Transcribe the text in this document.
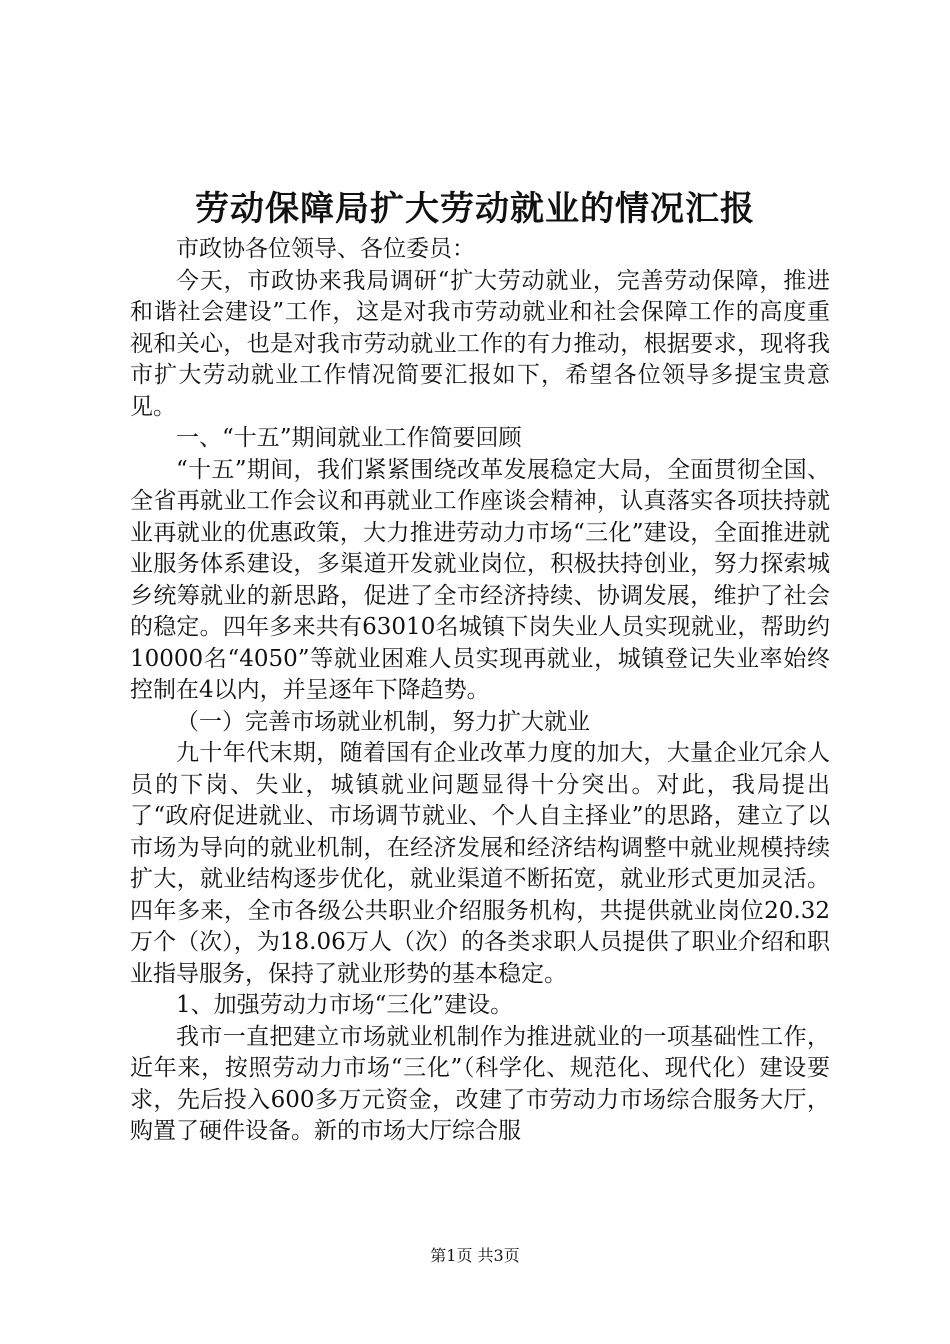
劳动保障局扩大劳动就业的情况汇报

市政协各位领导、各位委员：

今天，市政协来我局调研“扩大劳动就业，完善劳动保障，推进和谐社会建设”工作，这是对我市劳动就业和社会保障工作的高度重视和关心，也是对我市劳动就业工作的有力推动，根据要求，现将我市扩大劳动就业工作情况简要汇报如下，希望各位领导多提宝贵意见。

一、“十五”期间就业工作简要回顾

“十五”期间，我们紧紧围绕改革发展稳定大局，全面贯彻全国、全省再就业工作会议和再就业工作座谈会精神，认真落实各项扶持就业再就业的优惠政策，大力推进劳动力市场“三化”建设，全面推进就业服务体系建设，多渠道开发就业岗位，积极扶持创业，努力探索城乡统筹就业的新思路，促进了全市经济持续、协调发展，维护了社会的稳定。四年多来共有63010名城镇下岗失业人员实现就业，帮助约10000名“4050”等就业困难人员实现再就业，城镇登记失业率始终控制在4以内，并呈逐年下降趋势。

（一）完善市场就业机制，努力扩大就业

九十年代末期，随着国有企业改革力度的加大，大量企业冗余人员的下岗、失业，城镇就业问题显得十分突出。对此，我局提出了“政府促进就业、市场调节就业、个人自主择业”的思路，建立了以市场为导向的就业机制，在经济发展和经济结构调整中就业规模持续扩大，就业结构逐步优化，就业渠道不断拓宽，就业形式更加灵活。四年多来，全市各级公共职业介绍服务机构，共提供就业岗位20.32万个（次），为18.06万人（次）的各类求职人员提供了职业介绍和职业指导服务，保持了就业形势的基本稳定。

1、加强劳动力市场“三化”建设。

我市一直把建立市场就业机制作为推进就业的一项基础性工作，近年来，按照劳动力市场“三化”（科学化、规范化、现代化）建设要求，先后投入600多万元资金，改建了市劳动力市场综合服务大厅，购置了硬件设备。新的市场大厅综合服

第1页 共3页
